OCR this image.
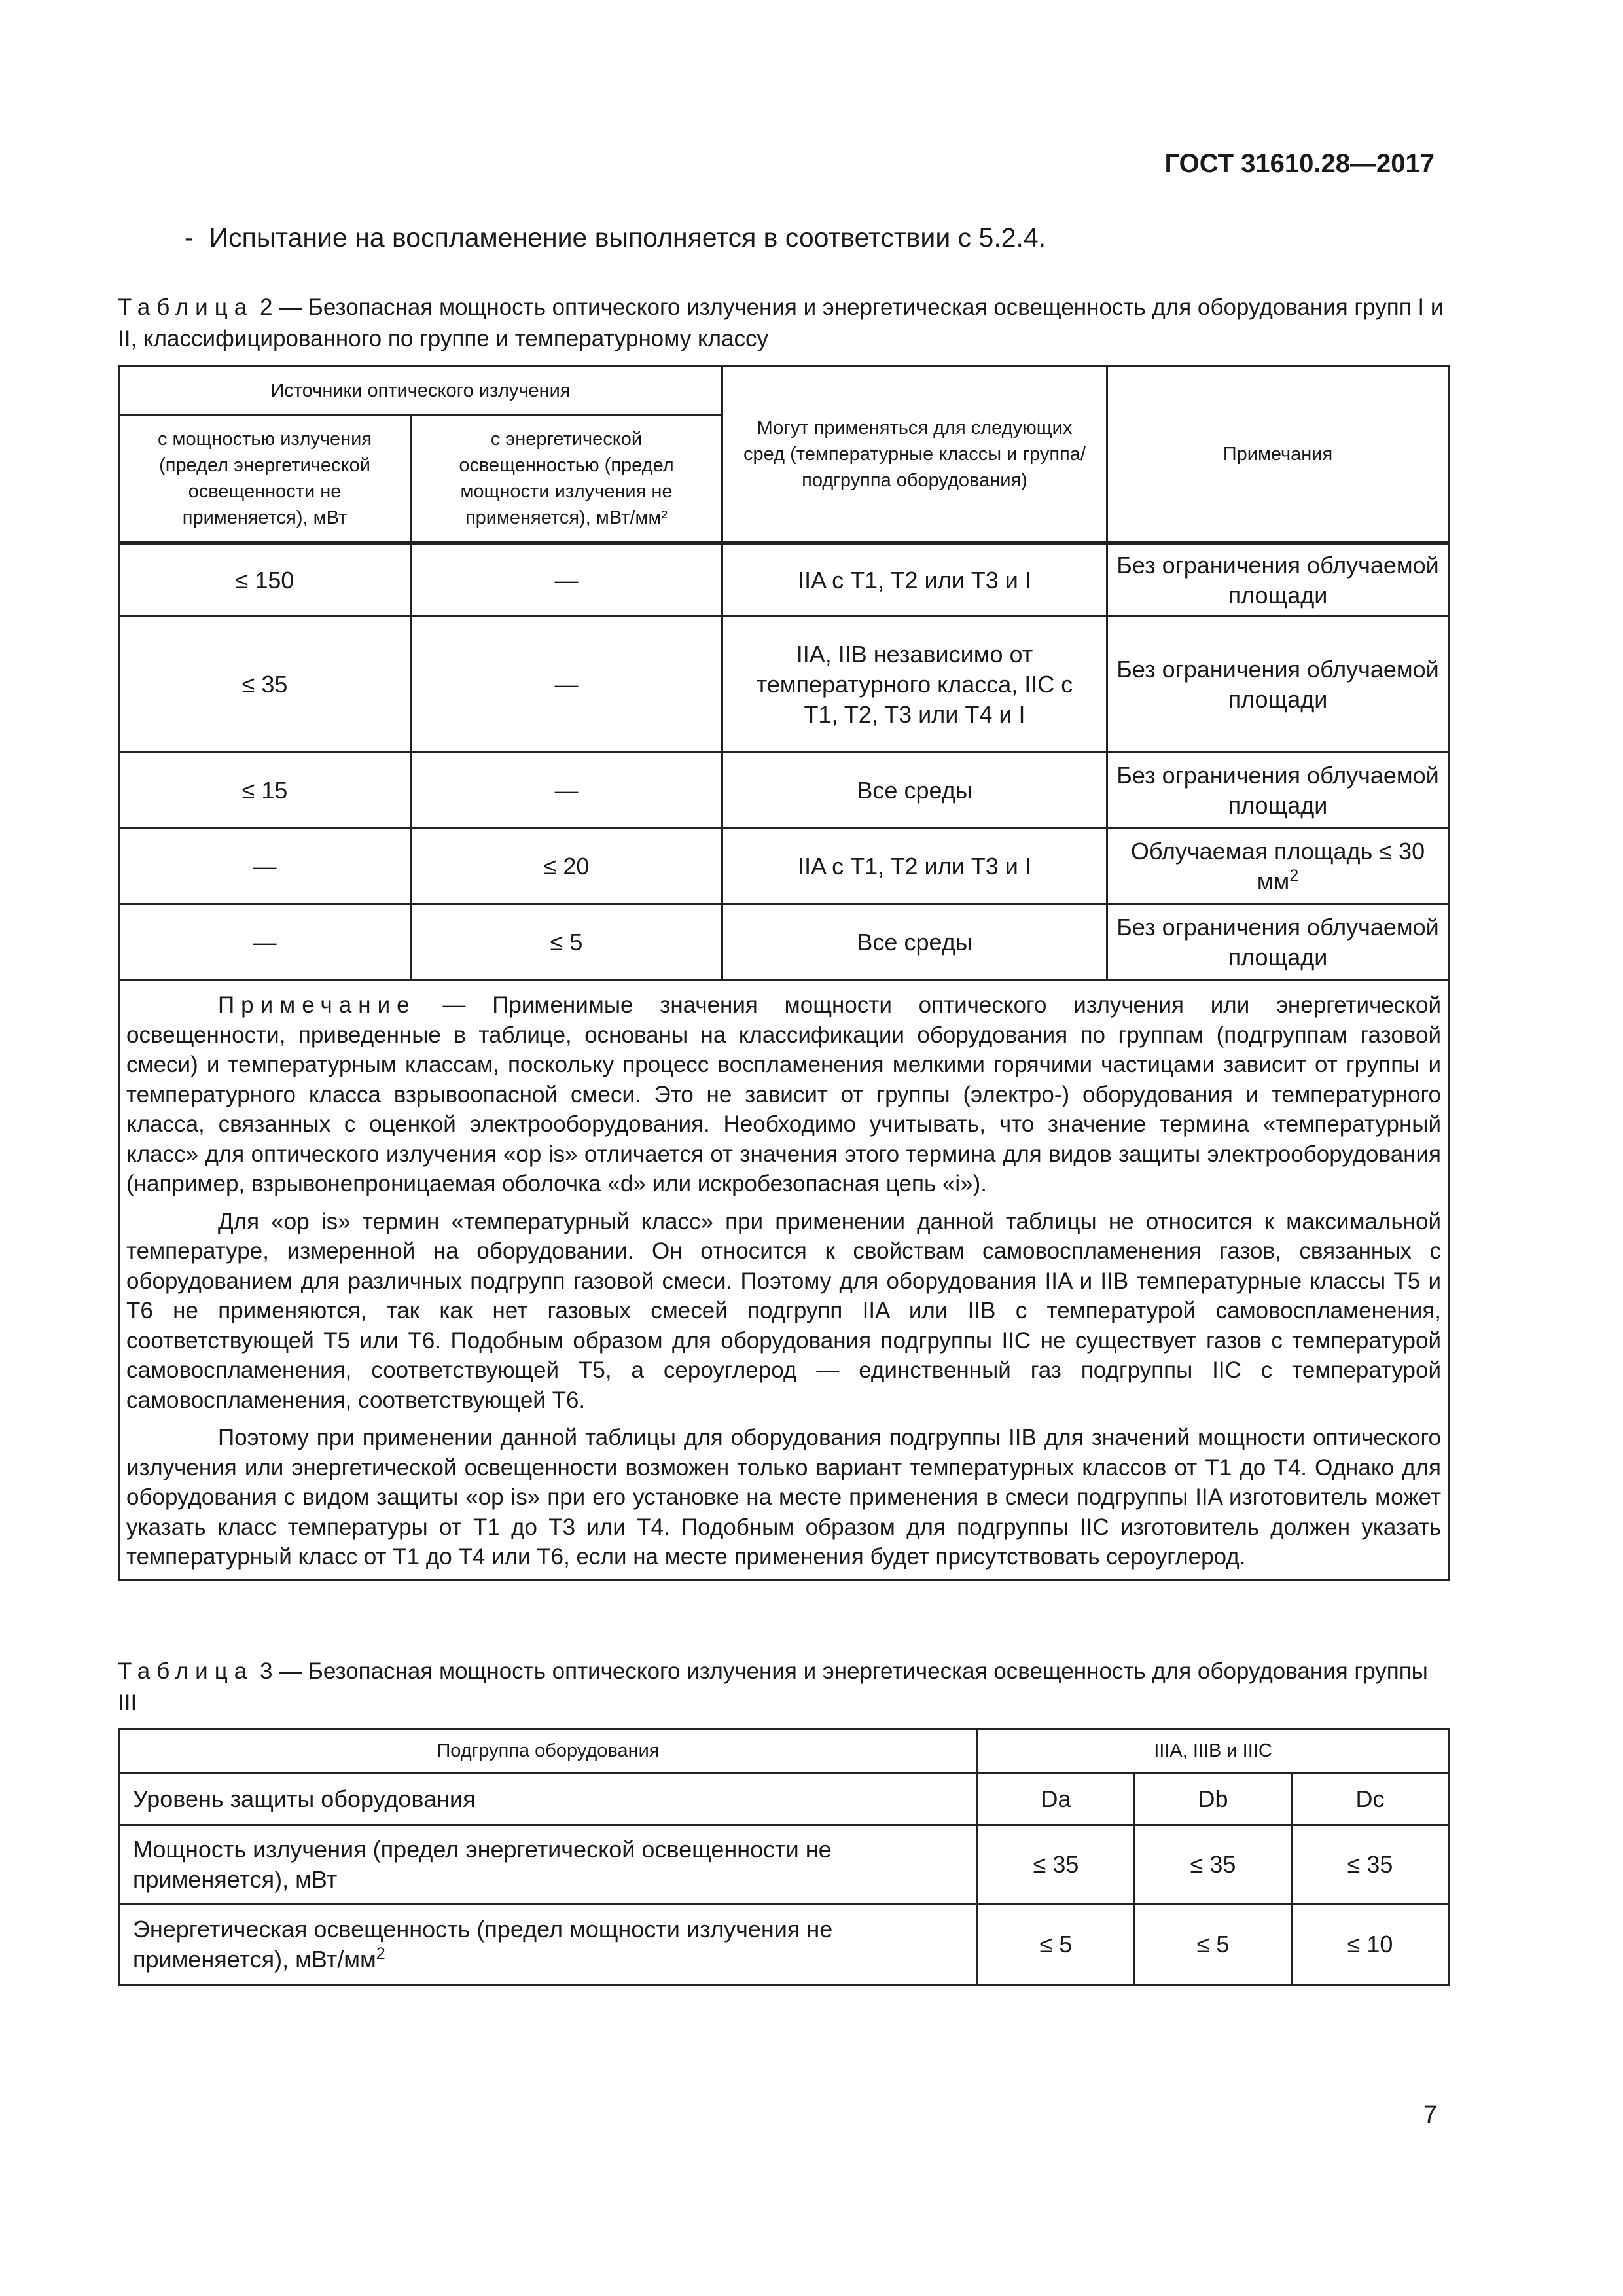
ГОСТ 31610.28—2017
- Испытание на воспламенение выполняется в соответствии с 5.2.4.
Таблица 2 — Безопасная мощность оптического излучения и энергетическая освещенность для оборудования групп I и II, классифицированного по группе и температурному классу
Источники оптического излучения		Могут применяться для следующих сред (температурные классы и группа/подгруппа оборудования)	Примечания
с мощностью излучения (предел энергетической освещенности не применяется), мВт	с энергетической освещенностью (предел мощности излучения не применяется), мВт/мм²		
≤ 150	—	IIA с T1, T2 или T3 и I	Без ограничения облучаемой площади
≤ 35	—	IIA, IIB независимо от температурного класса, IIC с T1, T2, T3 или T4 и I	Без ограничения облучаемой площади
≤ 15	—	Все среды	Без ограничения облучаемой площади
—	≤ 20	IIA с T1, T2 или T3 и I	Облучаемая площадь ≤ 30 $мм^2$
—	≤ 5	Все среды	Без ограничения облучаемой площади

Примечание — Применимые значения мощности оптического излучения или энергетической освещенности, приведенные в таблице, основаны на классификации оборудования по группам (подгруппам газовой смеси) и температурным классам, поскольку процесс воспламенения мелкими горячими частицами зависит от группы и температурного класса взрывоопасной смеси. Это не зависит от группы (электро-) оборудования и температурного класса, связанных с оценкой электрооборудования. Необходимо учитывать, что значение термина «температурный класс» для оптического излучения «op is» отличается от значения этого термина для видов защиты электрооборудования (например, взрывонепроницаемая оболочка «d» или искробезопасная цепь «i»).

Для «op is» термин «температурный класс» при применении данной таблицы не относится к максимальной температуре, измеренной на оборудовании. Он относится к свойствам самовоспламенения газов, связанных с оборудованием для различных подгрупп газовой смеси. Поэтому для оборудования IIA и IIB температурные классы T5 и T6 не применяются, так как нет газовых смесей подгрупп IIA или IIB с температурой самовоспламенения, соответствующей T5 или T6. Подобным образом для оборудования подгруппы IIC не существует газов с температурой самовоспламенения, соответствующей T5, а сероуглерод — единственный газ подгруппы IIC с температурой самовоспламенения, соответствующей T6.

Поэтому при применении данной таблицы для оборудования подгруппы IIB для значений мощности оптического излучения или энергетической освещенности возможен только вариант температурных классов от T1 до T4. Однако для оборудования с видом защиты «op is» при его установке на месте применения в смеси подгруппы IIA изготовитель может указать класс температуры от T1 до T3 или T4. Подобным образом для подгруппы IIC изготовитель должен указать температурный класс от T1 до T4 или T6, если на месте применения будет присутствовать сероуглерод.			

Таблица 3 — Безопасная мощность оптического излучения и энергетическая освещенность для оборудования группы III
Подгруппа оборудования	IIIA, IIIB и IIIC		
Уровень защиты оборудования	Da	Db	Dc
Мощность излучения (предел энергетической освещенности не применяется), мВт	≤ 35	≤ 35	≤ 35
Энергетическая освещенность (предел мощности излучения не применяется), мВт/$мм^2$	≤ 5	≤ 5	≤ 10
7
